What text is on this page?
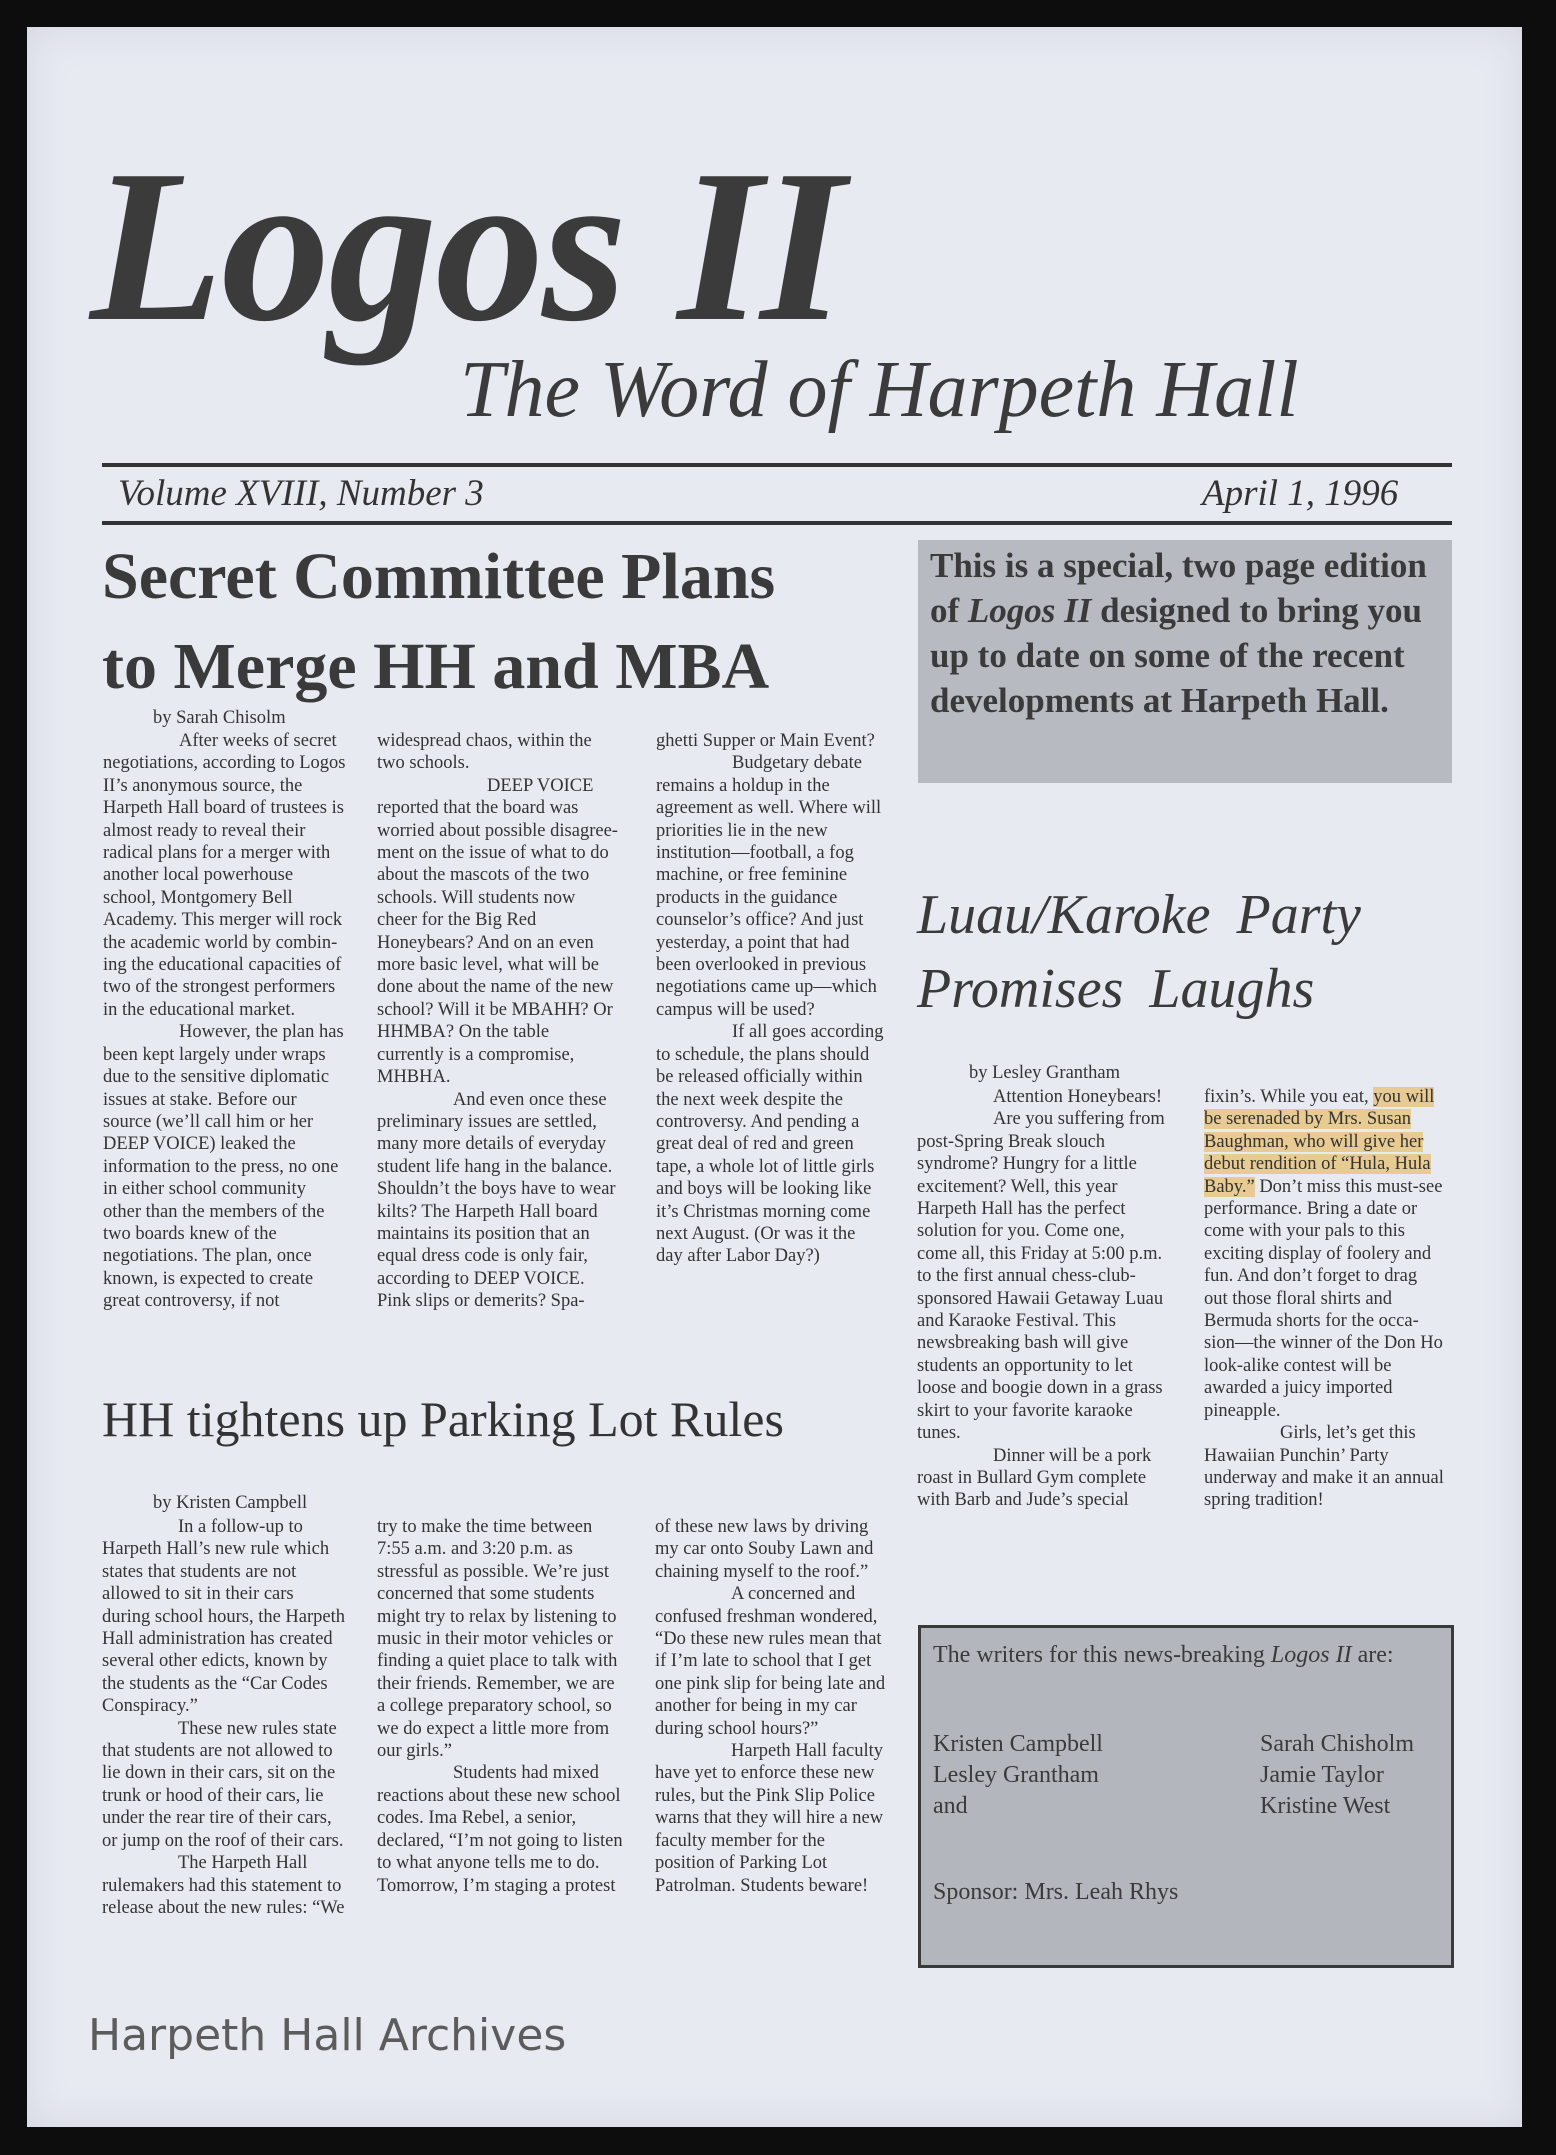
Logos II
The Word of Harpeth Hall
Volume XVIII, Number 3	April 1, 1996
Secret Committee Plans
to Merge HH and MBA
by Sarah Chisolm

After weeks of secret

negotiations, according to Logos

II’s anonymous source, the

Harpeth Hall board of trustees is

almost ready to reveal their

radical plans for a merger with

another local powerhouse

school, Montgomery Bell

Academy. This merger will rock

the academic world by combin-

ing the educational capacities of

two of the strongest performers

in the educational market.

However, the plan has

been kept largely under wraps

due to the sensitive diplomatic

issues at stake. Before our

source (we’ll call him or her

DEEP VOICE) leaked the

information to the press, no one

in either school community

other than the members of the

two boards knew of the

negotiations. The plan, once

known, is expected to create

great controversy, if not

widespread chaos, within the

two schools.

DEEP VOICE

reported that the board was

worried about possible disagree-

ment on the issue of what to do

about the mascots of the two

schools. Will students now

cheer for the Big Red

Honeybears? And on an even

more basic level, what will be

done about the name of the new

school? Will it be MBAHH? Or

HHMBA? On the table

currently is a compromise,

MHBHA.

And even once these

preliminary issues are settled,

many more details of everyday

student life hang in the balance.

Shouldn’t the boys have to wear

kilts? The Harpeth Hall board

maintains its position that an

equal dress code is only fair,

according to DEEP VOICE.

Pink slips or demerits? Spa-

ghetti Supper or Main Event?

Budgetary debate

remains a holdup in the

agreement as well. Where will

priorities lie in the new

institution—football, a fog

machine, or free feminine

products in the guidance

counselor’s office? And just

yesterday, a point that had

been overlooked in previous

negotiations came up—which

campus will be used?

If all goes according

to schedule, the plans should

be released officially within

the next week despite the

controversy. And pending a

great deal of red and green

tape, a whole lot of little girls

and boys will be looking like

it’s Christmas morning come

next August. (Or was it the

day after Labor Day?)

This is a special, two page edition of Logos II designed to bring you up to date on some of the recent developments at Harpeth Hall.
Luau/Karoke Party
Promises Laughs
by Lesley Grantham

Attention Honeybears!

Are you suffering from

post-Spring Break slouch

syndrome? Hungry for a little

excitement? Well, this year

Harpeth Hall has the perfect

solution for you. Come one,

come all, this Friday at 5:00 p.m.

to the first annual chess-club-

sponsored Hawaii Getaway Luau

and Karaoke Festival. This

newsbreaking bash will give

students an opportunity to let

loose and boogie down in a grass

skirt to your favorite karaoke

tunes.

Dinner will be a pork

roast in Bullard Gym complete

with Barb and Jude’s special

fixin’s. While you eat, you will

be serenaded by Mrs. Susan

Baughman, who will give her

debut rendition of “Hula, Hula

Baby.” Don’t miss this must-see

performance. Bring a date or

come with your pals to this

exciting display of foolery and

fun. And don’t forget to drag

out those floral shirts and

Bermuda shorts for the occa-

sion—the winner of the Don Ho

look-alike contest will be

awarded a juicy imported

pineapple.

Girls, let’s get this

Hawaiian Punchin’ Party

underway and make it an annual

spring tradition!

HH tightens up Parking Lot Rules
by Kristen Campbell

In a follow-up to

Harpeth Hall’s new rule which

states that students are not

allowed to sit in their cars

during school hours, the Harpeth

Hall administration has created

several other edicts, known by

the students as the “Car Codes

Conspiracy.”

These new rules state

that students are not allowed to

lie down in their cars, sit on the

trunk or hood of their cars, lie

under the rear tire of their cars,

or jump on the roof of their cars.

The Harpeth Hall

rulemakers had this statement to

release about the new rules: “We

try to make the time between

7:55 a.m. and 3:20 p.m. as

stressful as possible. We’re just

concerned that some students

might try to relax by listening to

music in their motor vehicles or

finding a quiet place to talk with

their friends. Remember, we are

a college preparatory school, so

we do expect a little more from

our girls.”

Students had mixed

reactions about these new school

codes. Ima Rebel, a senior,

declared, “I’m not going to listen

to what anyone tells me to do.

Tomorrow, I’m staging a protest

of these new laws by driving

my car onto Souby Lawn and

chaining myself to the roof.”

A concerned and

confused freshman wondered,

“Do these new rules mean that

if I’m late to school that I get

one pink slip for being late and

another for being in my car

during school hours?”

Harpeth Hall faculty

have yet to enforce these new

rules, but the Pink Slip Police

warns that they will hire a new

faculty member for the

position of Parking Lot

Patrolman. Students beware!

The writers for this news-breaking Logos II are:
Kristen Campbell
Lesley Grantham
and
Sarah Chisholm
Jamie Taylor
Kristine West
Sponsor: Mrs. Leah Rhys
Harpeth Hall Archives
